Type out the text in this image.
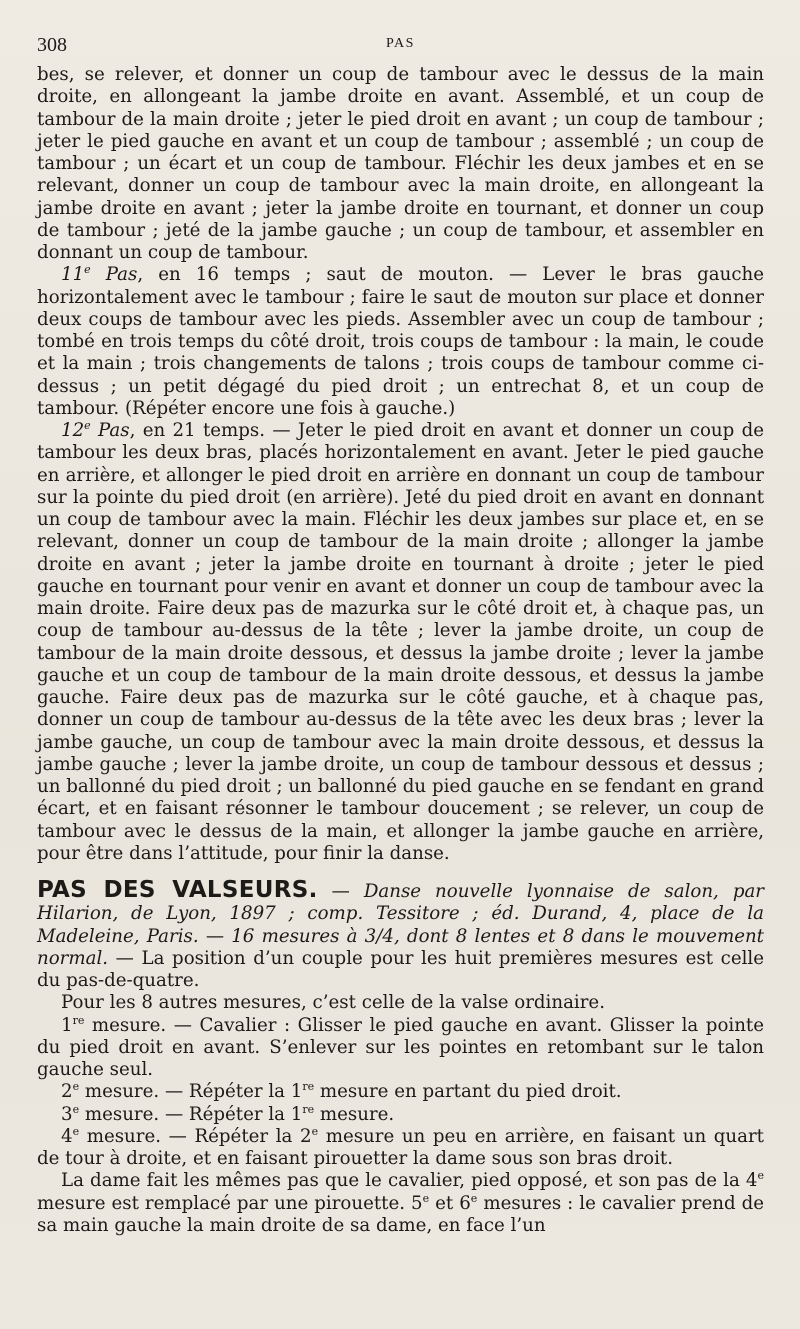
308	PAS

bes, se relever, et donner un coup de tambour avec le dessus de la main droite, en allongeant la jambe droite en avant. Assemblé, et un coup de tambour de la main droite ; jeter le pied droit en avant ; un coup de tambour ; jeter le pied gauche en avant et un coup de tambour ; assemblé ; un coup de tambour ; un écart et un coup de tambour. Fléchir les deux jambes et en se relevant, donner un coup de tambour avec la main droite, en allongeant la jambe droite en avant ; jeter la jambe droite en tournant, et donner un coup de tambour ; jeté de la jambe gauche ; un coup de tambour, et assembler en donnant un coup de tambour.

11e Pas, en 16 temps ; saut de mouton. — Lever le bras gauche horizontalement avec le tambour ; faire le saut de mouton sur place et donner deux coups de tambour avec les pieds. Assembler avec un coup de tambour ; tombé en trois temps du côté droit, trois coups de tambour : la main, le coude et la main ; trois changements de talons ; trois coups de tambour comme ci-dessus ; un petit dégagé du pied droit ; un entrechat 8, et un coup de tambour. (Répéter encore une fois à gauche.)

12e Pas, en 21 temps. — Jeter le pied droit en avant et donner un coup de tambour les deux bras, placés horizontalement en avant. Jeter le pied gauche en arrière, et allonger le pied droit en arrière en donnant un coup de tambour sur la pointe du pied droit (en arrière). Jeté du pied droit en avant en donnant un coup de tambour avec la main. Fléchir les deux jambes sur place et, en se relevant, donner un coup de tambour de la main droite ; allonger la jambe droite en avant ; jeter la jambe droite en tournant à droite ; jeter le pied gauche en tournant pour venir en avant et donner un coup de tambour avec la main droite. Faire deux pas de mazurka sur le côté droit et, à chaque pas, un coup de tambour au-dessus de la tête ; lever la jambe droite, un coup de tambour de la main droite dessous, et dessus la jambe droite ; lever la jambe gauche et un coup de tambour de la main droite dessous, et dessus la jambe gauche. Faire deux pas de mazurka sur le côté gauche, et à chaque pas, donner un coup de tambour au-dessus de la tête avec les deux bras ; lever la jambe gauche, un coup de tambour avec la main droite dessous, et dessus la jambe gauche ; lever la jambe droite, un coup de tambour dessous et dessus ; un ballonné du pied droit ; un ballonné du pied gauche en se fendant en grand écart, et en faisant résonner le tambour doucement ; se relever, un coup de tambour avec le dessus de la main, et allonger la jambe gauche en arrière, pour être dans l’attitude, pour finir la danse.

PAS DES VALSEURS. — Danse nouvelle lyonnaise de salon, par Hilarion, de Lyon, 1897 ; comp. Tessitore ; éd. Durand, 4, place de la Madeleine, Paris. — 16 mesures à 3/4, dont 8 lentes et 8 dans le mouvement normal. — La position d’un couple pour les huit premières mesures est celle du pas-de-quatre.

Pour les 8 autres mesures, c’est celle de la valse ordinaire.

1re mesure. — Cavalier : Glisser le pied gauche en avant. Glisser la pointe du pied droit en avant. S’enlever sur les pointes en retombant sur le talon gauche seul.

2e mesure. — Répéter la 1re mesure en partant du pied droit.

3e mesure. — Répéter la 1re mesure.

4e mesure. — Répéter la 2e mesure un peu en arrière, en faisant un quart de tour à droite, et en faisant pirouetter la dame sous son bras droit.

La dame fait les mêmes pas que le cavalier, pied opposé, et son pas de la 4e mesure est remplacé par une pirouette. 5e et 6e mesures : le cavalier prend de sa main gauche la main droite de sa dame, en face l’un
